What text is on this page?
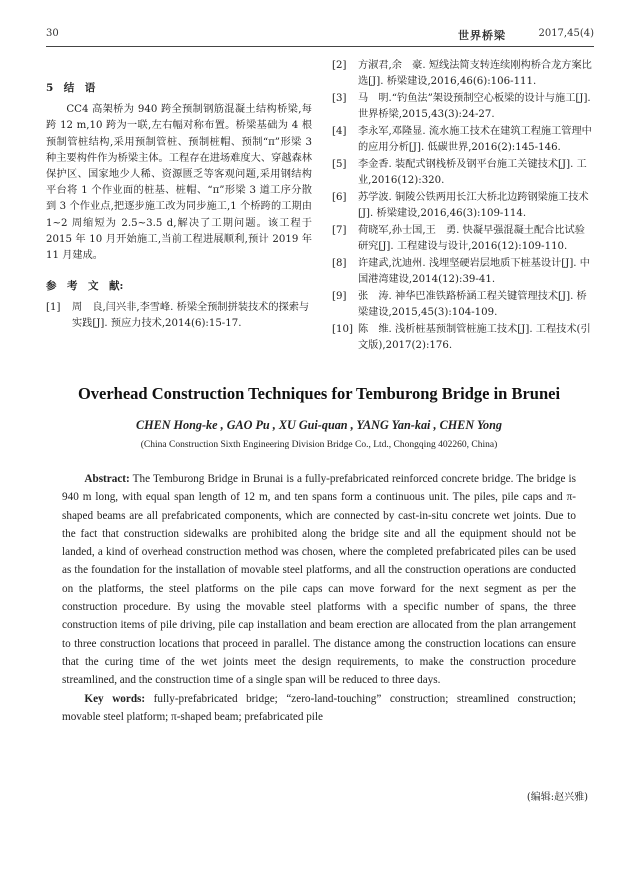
30	世界桥梁	2017,45(4)
5　结　语

CC4 高架桥为 940 跨全预制钢筋混凝土结构桥梁,每跨 12 m,10 跨为一联,左右幅对称布置。桥梁基础为 4 根预制管桩结构,采用预制管桩、预制桩帽、预制“π”形梁 3 种主要构件作为桥梁主体。工程存在进场难度大、穿越森林保护区、国家地少人稀、资源匮乏等客观问题,采用钢结构平台将 1 个作业面的桩基、桩帽、“π”形梁 3 道工序分散到 3 个作业点,把逐步施工改为同步施工,1 个桥跨的工期由 1~2 周缩短为 2.5~3.5 d,解决了工期问题。该工程于 2015 年 10 月开始施工,当前工程进展顺利,预计 2019 年 11 月建成。

参　考　文　献:
[1]	周　良,闫兴非,李雪峰. 桥梁全预制拼装技术的探索与实践[J]. 预应力技术,2014(6):15-17.
[2]	方淑君,余　豪. 短线法简支转连续刚构桥合龙方案比选[J]. 桥梁建设,2016,46(6):106-111.
[3]	马　明.“钓鱼法”架设预制空心板梁的设计与施工[J]. 世界桥梁,2015,43(3):24-27.
[4]	李永军,邓隆显. 流水施工技术在建筑工程施工管理中的应用分析[J]. 低碳世界,2016(2):145-146.
[5]	李金香. 装配式钢栈桥及钢平台施工关键技术[J]. 工业,2016(12):320.
[6]	苏学波. 铜陵公铁两用长江大桥北边跨钢梁施工技术[J]. 桥梁建设,2016,46(3):109-114.
[7]	荷晓军,孙士国,王　勇. 快凝早强混凝土配合比试验研究[J]. 工程建设与设计,2016(12):109-110.
[8]	许建武,沈迪州. 浅埋坚硬岩层地质下桩基设计[J]. 中国港湾建设,2014(12):39-41.
[9]	张　涛. 神华巴准铁路桥涵工程关键管理技术[J]. 桥梁建设,2015,45(3):104-109.
[10] 陈　维. 浅析桩基预制管桩施工技术[J]. 工程技术(引文版),2017(2):176.
Overhead Construction Techniques for Temburong Bridge in Brunei
CHEN Hong-ke , GAO Pu , XU Gui-quan , YANG Yan-kai , CHEN Yong
(China Construction Sixth Engineering Division Bridge Co., Ltd., Chongqing 402260, China)

Abstract: The Temburong Bridge in Brunai is a fully-prefabricated reinforced concrete bridge. The bridge is 940 m long, with equal span length of 12 m, and ten spans form a continuous unit. The piles, pile caps and π-shaped beams are all prefabricated components, which are connected by cast-in-situ concrete wet joints. Due to the fact that construction sidewalks are prohibited along the bridge site and all the equipment should not be landed, a kind of overhead construction method was chosen, where the completed prefabricated piles can be used as the foundation for the installation of movable steel platforms, and all the construction operations are conducted on the platforms, the steel platforms on the pile caps can move forward for the next segment as per the construction procedure. By using the movable steel platforms with a specific number of spans, the three construction items of pile driving, pile cap installation and beam erection are allocated from the plan arrangement to three construction locations that proceed in parallel. The distance among the construction locations can ensure that the curing time of the wet joints meet the design requirements, to make the construction procedure streamlined, and the construction time of a single span will be reduced to three days.

Key words: fully-prefabricated bridge; “zero-land-touching” construction; streamlined construction; movable steel platform; π-shaped beam; prefabricated pile

(编辑:赵兴雅)
